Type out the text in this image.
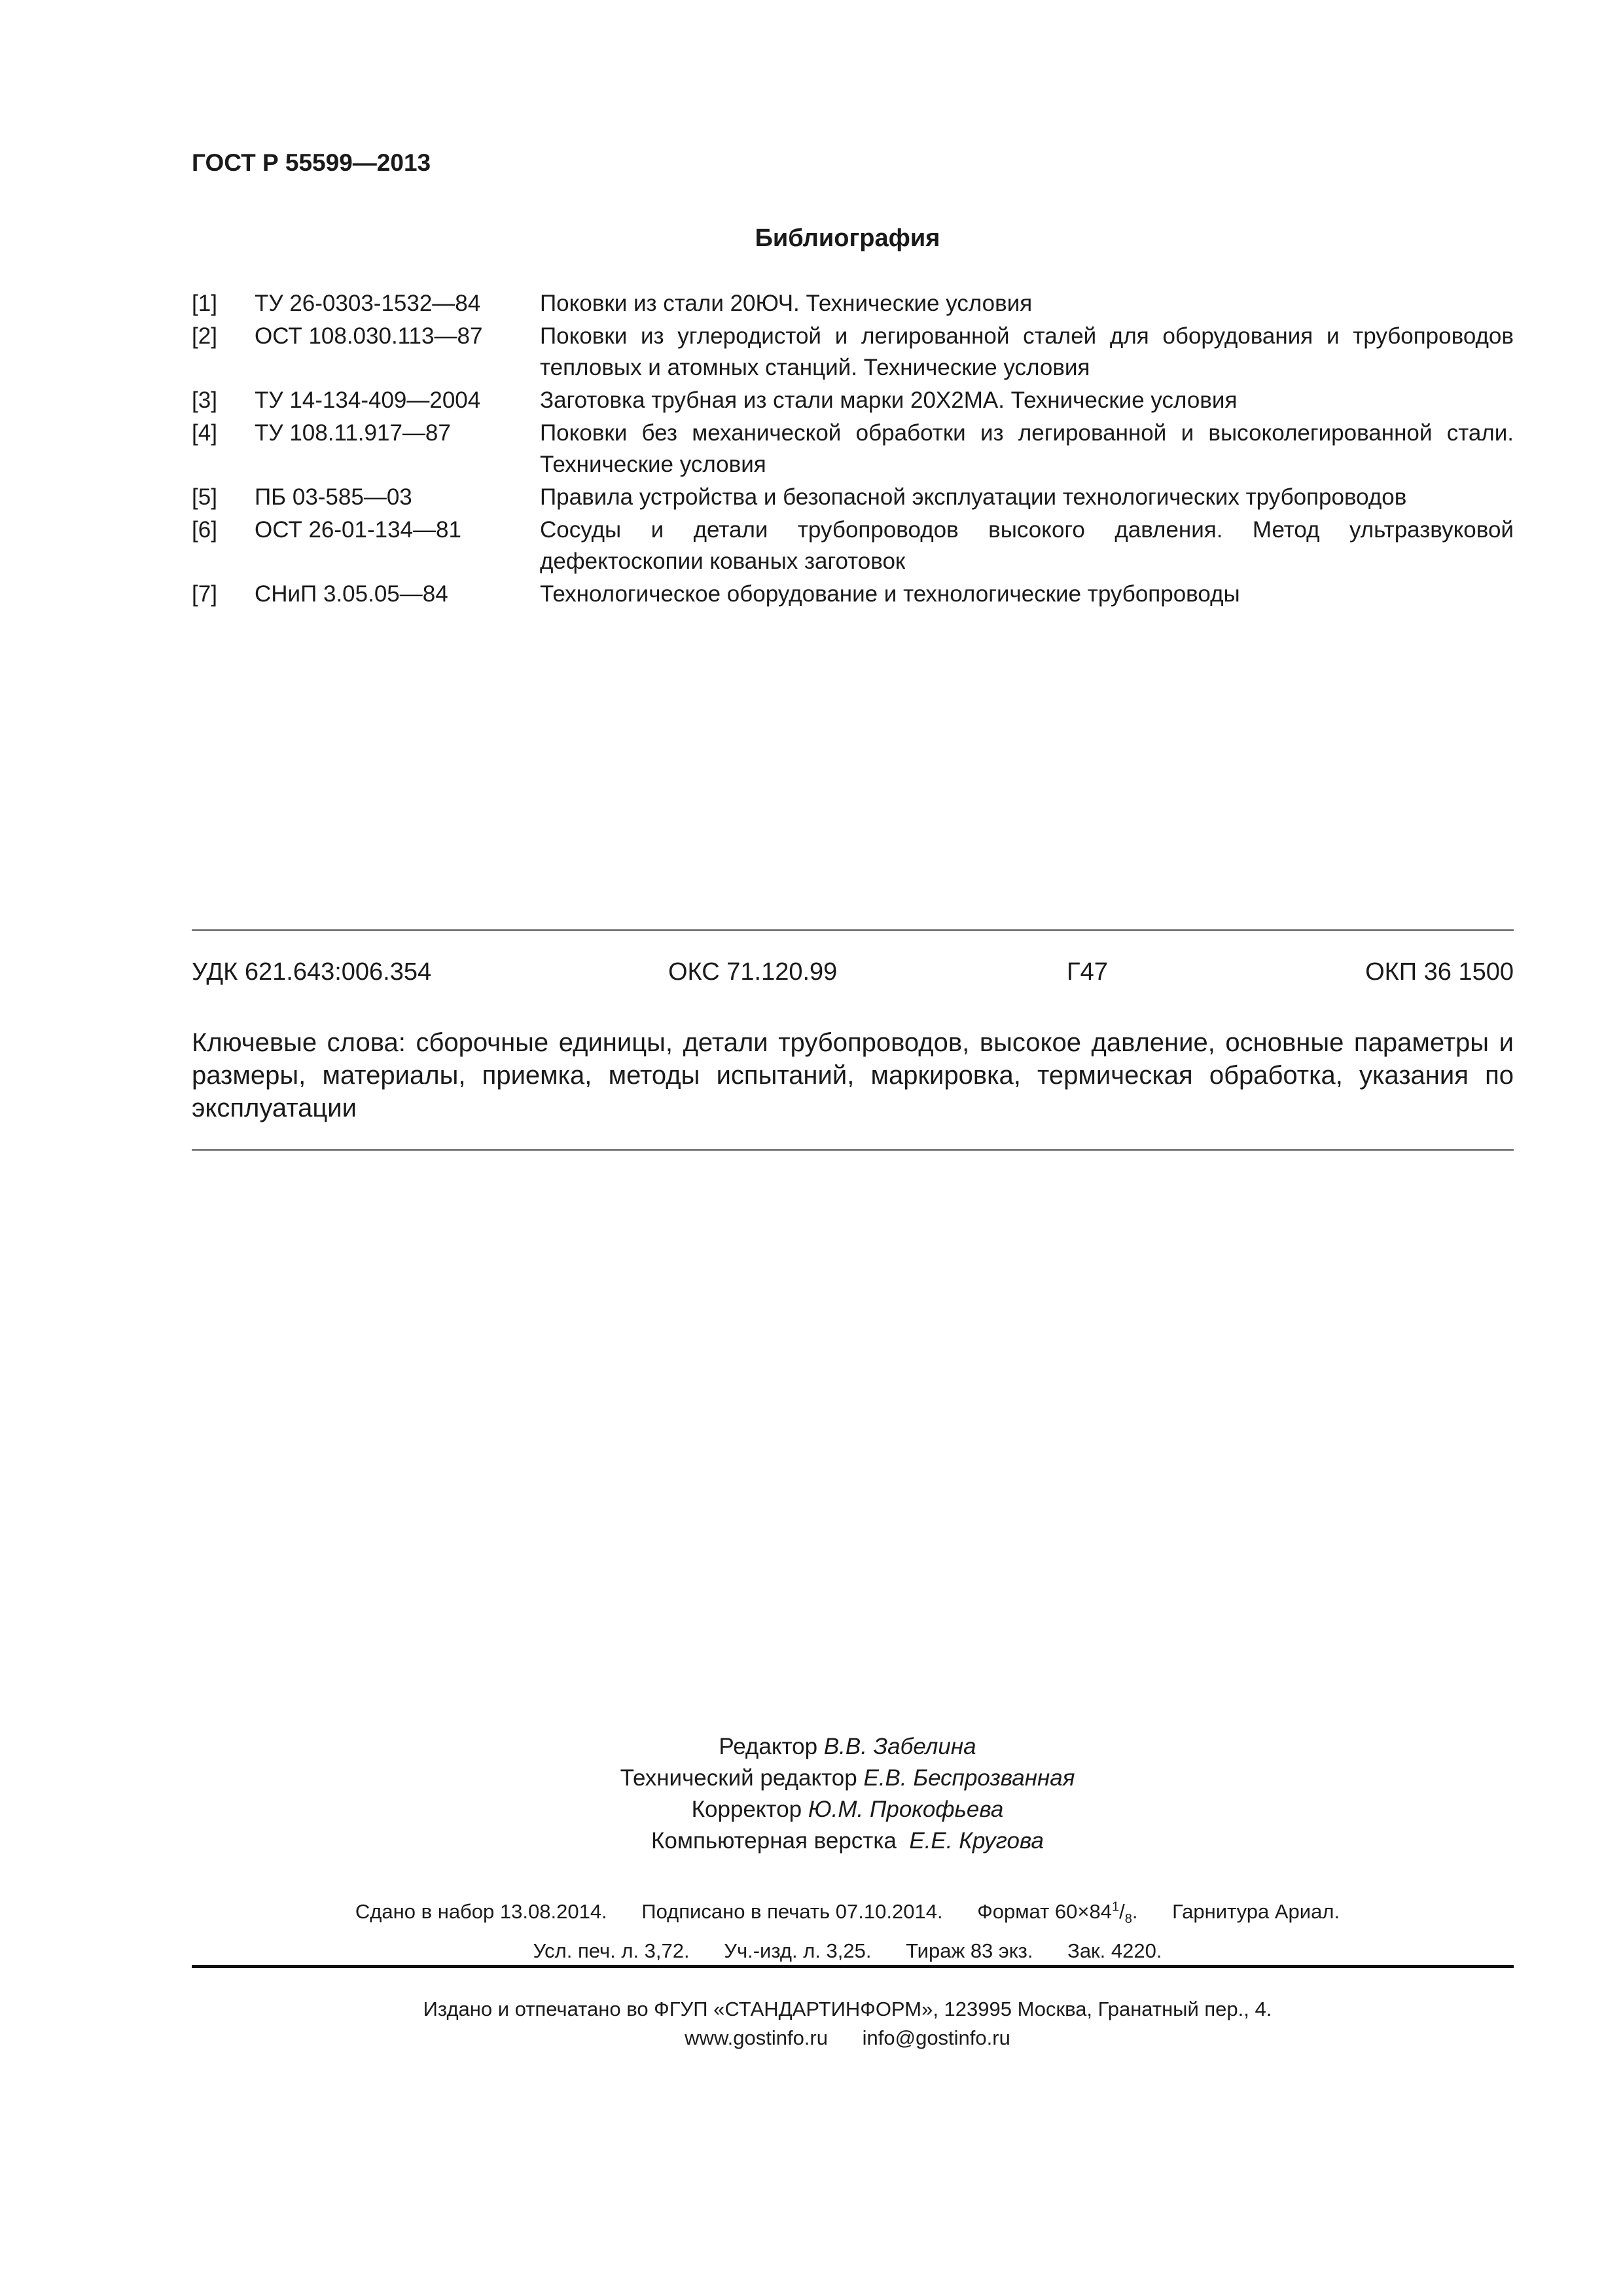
ГОСТ Р 55599—2013
Библиография
[1]	ТУ 26-0303-1532—84	Поковки из стали 20ЮЧ. Технические условия
[2]	ОСТ 108.030.113—87	Поковки из углеродистой и легированной сталей для оборудования и трубопроводов тепловых и атомных станций. Технические условия
[3]	ТУ 14-134-409—2004	Заготовка трубная из стали марки 20Х2МА. Технические условия
[4]	ТУ 108.11.917—87	Поковки без механической обработки из легированной и высоколегированной стали. Технические условия
[5]	ПБ 03-585—03	Правила устройства и безопасной эксплуатации технологических трубопроводов
[6]	ОСТ 26-01-134—81	Сосуды и детали трубопроводов высокого давления. Метод ультразвуковой дефектоскопии кованых заготовок
[7]	СНиП 3.05.05—84	Технологическое оборудование и технологические трубопроводы
УДК 621.643:006.354	ОКС 71.120.99	Г47	ОКП 36 1500
Ключевые слова: сборочные единицы, детали трубопроводов, высокое давление, основные параметры и размеры, материалы, приемка, методы испытаний, маркировка, термическая обработка, указания по эксплуатации
Редактор В.В. Забелина
Технический редактор Е.В. Беспрозванная
Корректор Ю.М. Прокофьева
Компьютерная верстка Е.Е. Кругова
Сдано в набор 13.08.2014. Подписано в печать 07.10.2014. Формат $60\times 84^1/_8$. Гарнитура Ариал.
Усл. печ. л. 3,72. Уч.-изд. л. 3,25. Тираж 83 экз. Зак. 4220.
Издано и отпечатано во ФГУП «СТАНДАРТИНФОРМ», 123995 Москва, Гранатный пер., 4.
www.gostinfo.ru info@gostinfo.ru
